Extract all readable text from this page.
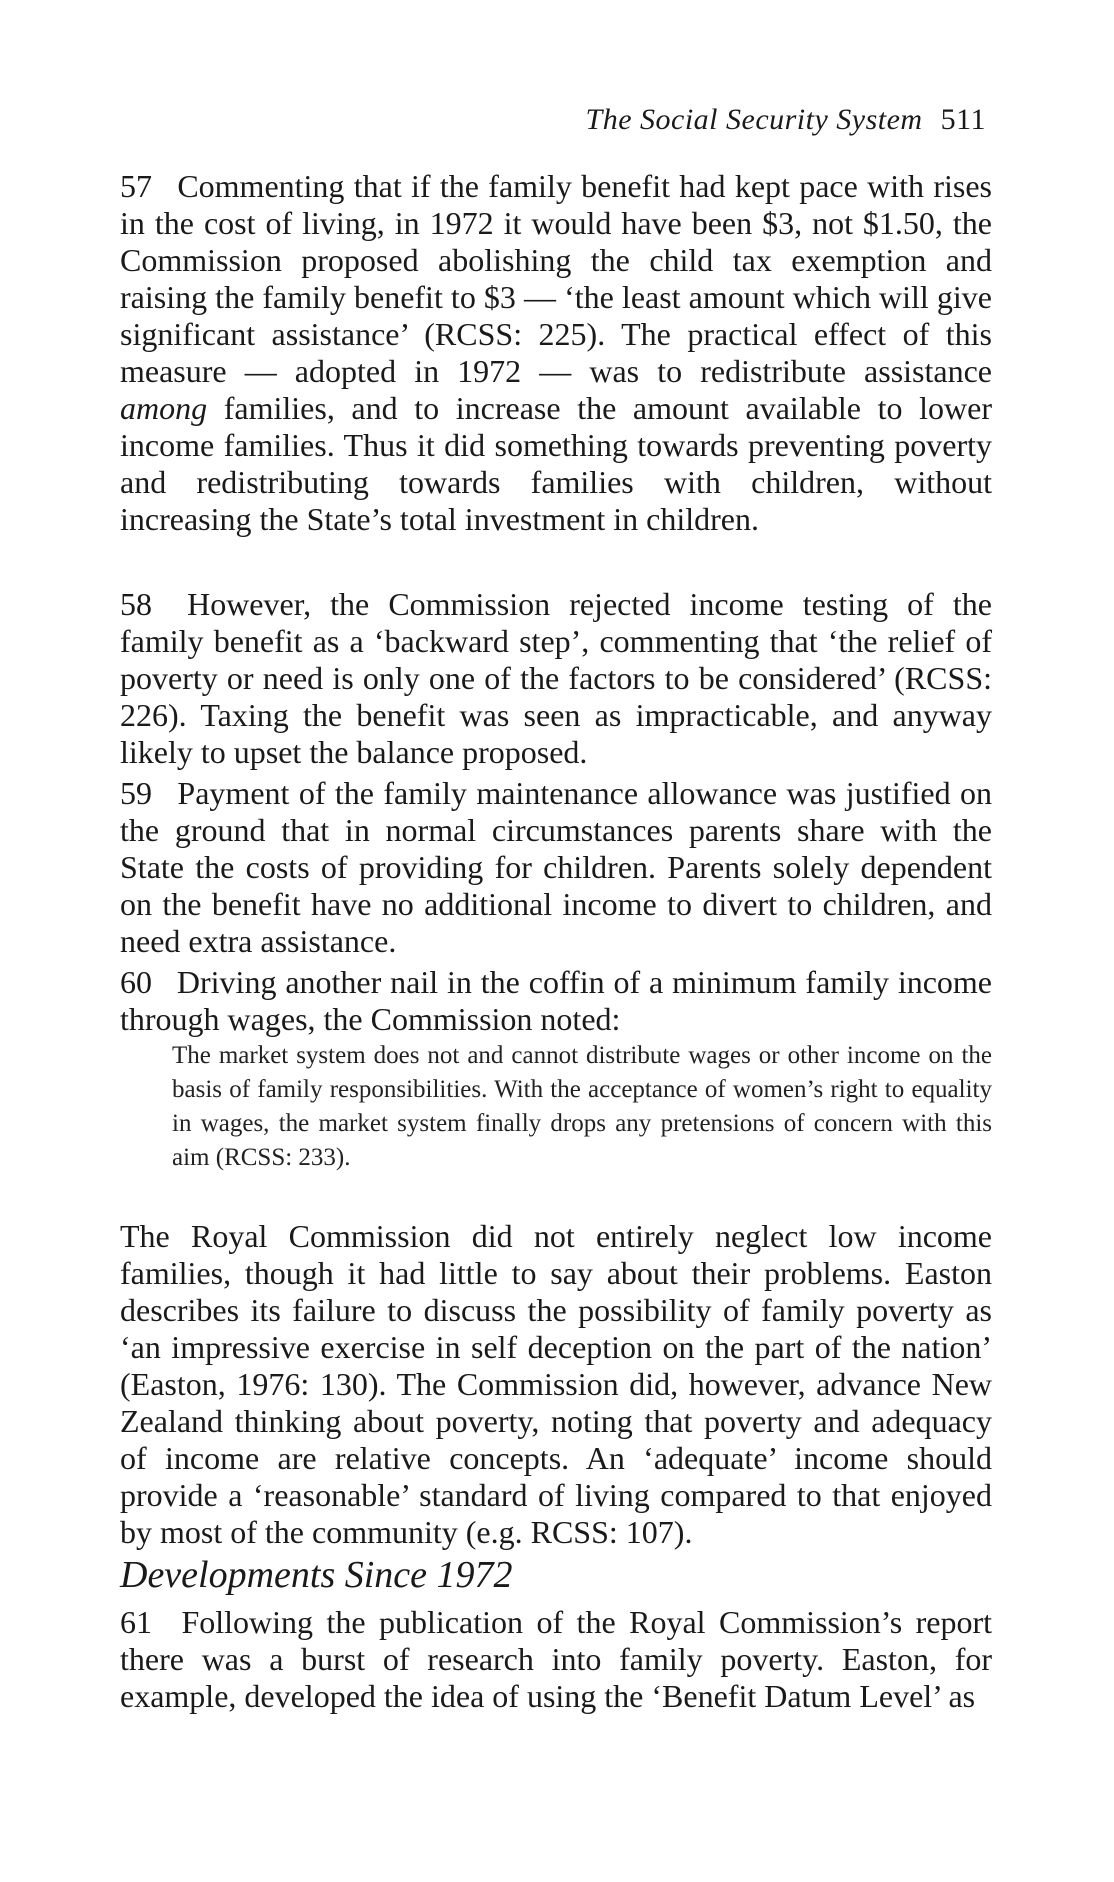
The Social Security System 511

57 Commenting that if the family benefit had kept pace with rises in the cost of living, in 1972 it would have been $3, not $1.50, the Commission proposed abolishing the child tax exemption and raising the family benefit to $3 — ‘the least amount which will give significant assistance’ (RCSS: 225). The practical effect of this measure — adopted in 1972 — was to redistribute assistance among families, and to increase the amount available to lower income families. Thus it did something towards preventing poverty and redistributing towards families with children, without increasing the State’s total investment in children.

58 However, the Commission rejected income testing of the family benefit as a ‘backward step’, commenting that ‘the relief of poverty or need is only one of the factors to be considered’ (RCSS: 226). Taxing the benefit was seen as impracticable, and anyway likely to upset the balance proposed.

59 Payment of the family maintenance allowance was justified on the ground that in normal circumstances parents share with the State the costs of providing for children. Parents solely dependent on the benefit have no additional income to divert to children, and need extra assistance.

60 Driving another nail in the coffin of a minimum family income through wages, the Commission noted:

The market system does not and cannot distribute wages or other income on the basis of family responsibilities. With the acceptance of women’s right to equality in wages, the market system finally drops any pretensions of concern with this aim (RCSS: 233).

The Royal Commission did not entirely neglect low income families, though it had little to say about their problems. Easton describes its failure to discuss the possibility of family poverty as ‘an impressive exercise in self deception on the part of the nation’ (Easton, 1976: 130). The Commission did, however, advance New Zealand thinking about poverty, noting that poverty and adequacy of income are relative concepts. An ‘adequate’ income should provide a ‘reasonable’ standard of living compared to that enjoyed by most of the community (e.g. RCSS: 107).

Developments Since 1972

61 Following the publication of the Royal Commission’s report there was a burst of research into family poverty. Easton, for example, developed the idea of using the ‘Benefit Datum Level’ as
